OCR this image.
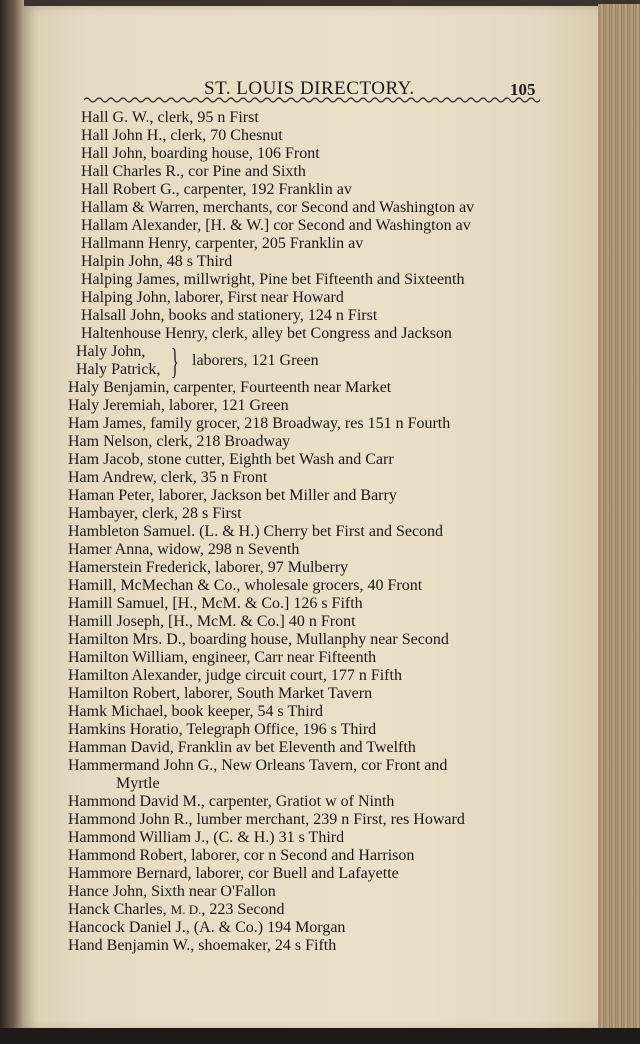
ST. LOUIS DIRECTORY.	105
Hall G. W., clerk, 95 n First
Hall John H., clerk, 70 Chesnut
Hall John, boarding house, 106 Front
Hall Charles R., cor Pine and Sixth
Hall Robert G., carpenter, 192 Franklin av
Hallam & Warren, merchants, cor Second and Washington av
Hallam Alexander, [H. & W.] cor Second and Washington av
Hallmann Henry, carpenter, 205 Franklin av
Halpin John, 48 s Third
Halping James, millwright, Pine bet Fifteenth and Sixteenth
Halping John, laborer, First near Howard
Halsall John, books and stationery, 124 n First
Haltenhouse Henry, clerk, alley bet Congress and Jackson
Haly John,
Haly Patrick, } laborers, 121 Green
Haly Benjamin, carpenter, Fourteenth near Market
Haly Jeremiah, laborer, 121 Green
Ham James, family grocer, 218 Broadway, res 151 n Fourth
Ham Nelson, clerk, 218 Broadway
Ham Jacob, stone cutter, Eighth bet Wash and Carr
Ham Andrew, clerk, 35 n Front
Haman Peter, laborer, Jackson bet Miller and Barry
Hambayer, clerk, 28 s First
Hambleton Samuel. (L. & H.) Cherry bet First and Second
Hamer Anna, widow, 298 n Seventh
Hamerstein Frederick, laborer, 97 Mulberry
Hamill, McMechan & Co., wholesale grocers, 40 Front
Hamill Samuel, [H., McM. & Co.] 126 s Fifth
Hamill Joseph, [H., McM. & Co.] 40 n Front
Hamilton Mrs. D., boarding house, Mullanphy near Second
Hamilton William, engineer, Carr near Fifteenth
Hamilton Alexander, judge circuit court, 177 n Fifth
Hamilton Robert, laborer, South Market Tavern
Hamk Michael, book keeper, 54 s Third
Hamkins Horatio, Telegraph Office, 196 s Third
Hamman David, Franklin av bet Eleventh and Twelfth
Hammermand John G., New Orleans Tavern, cor Front and
Myrtle
Hammond David M., carpenter, Gratiot w of Ninth
Hammond John R., lumber merchant, 239 n First, res Howard
Hammond William J., (C. & H.) 31 s Third
Hammond Robert, laborer, cor n Second and Harrison
Hammore Bernard, laborer, cor Buell and Lafayette
Hance John, Sixth near O'Fallon
Hanck Charles, M. D., 223 Second
Hancock Daniel J., (A. & Co.) 194 Morgan
Hand Benjamin W., shoemaker, 24 s Fifth
